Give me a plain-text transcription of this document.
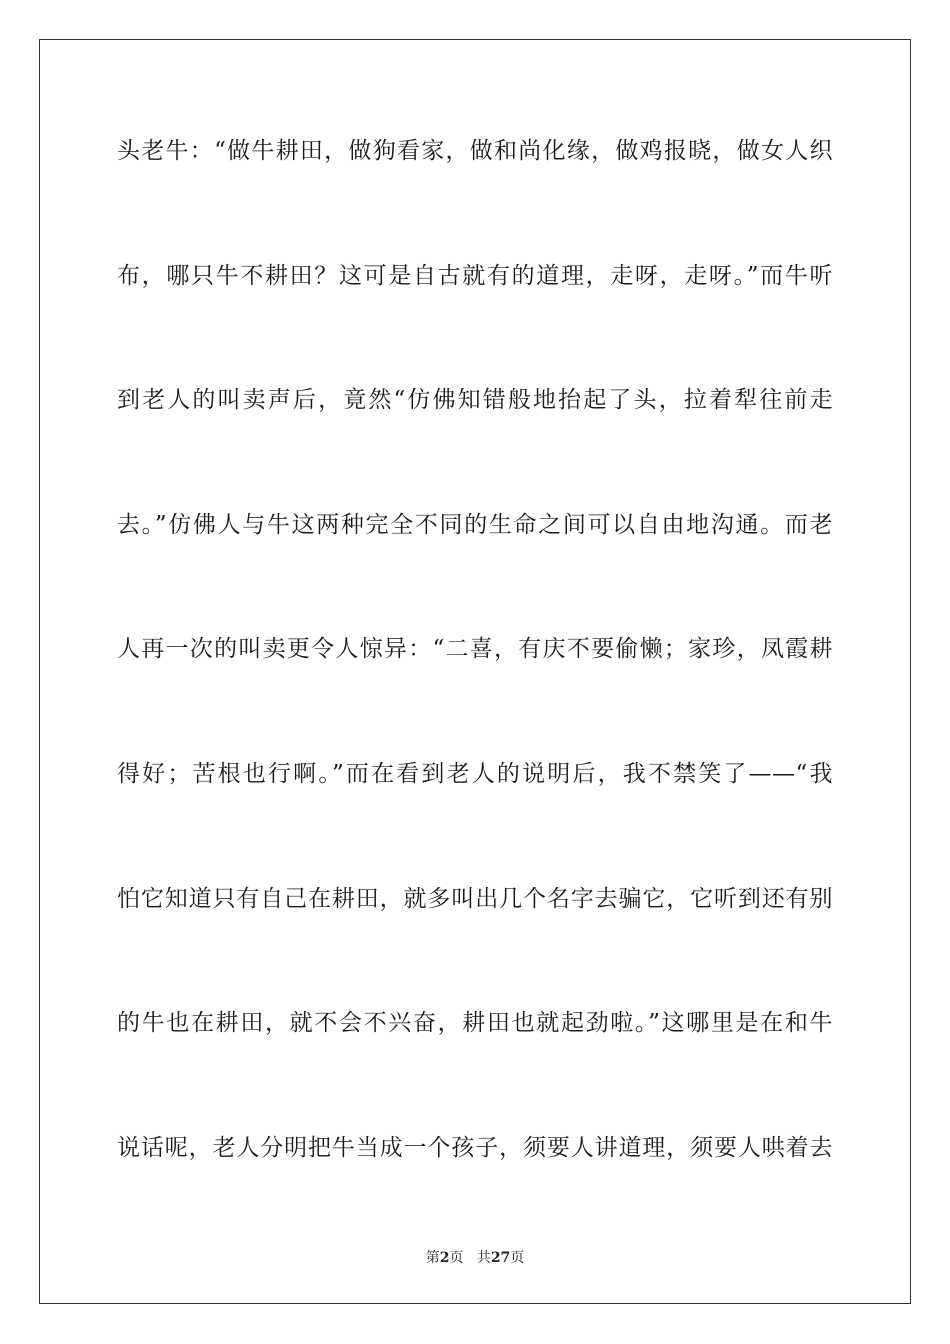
头老牛：“做牛耕田，做狗看家，做和尚化缘，做鸡报晓，做女人织
布，哪只牛不耕田？这可是自古就有的道理，走呀，走呀。”而牛听
到老人的叫卖声后，竟然“仿佛知错般地抬起了头，拉着犁往前走
去。”仿佛人与牛这两种完全不同的生命之间可以自由地沟通。而老
人再一次的叫卖更令人惊异：“二喜，有庆不要偷懒；家珍，凤霞耕
得好；苦根也行啊。”而在看到老人的说明后，我不禁笑了——“我
怕它知道只有自己在耕田，就多叫出几个名字去骗它，它听到还有别
的牛也在耕田，就不会不兴奋，耕田也就起劲啦。”这哪里是在和牛
说话呢，老人分明把牛当成一个孩子，须要人讲道理，须要人哄着去
第2页 共27页
